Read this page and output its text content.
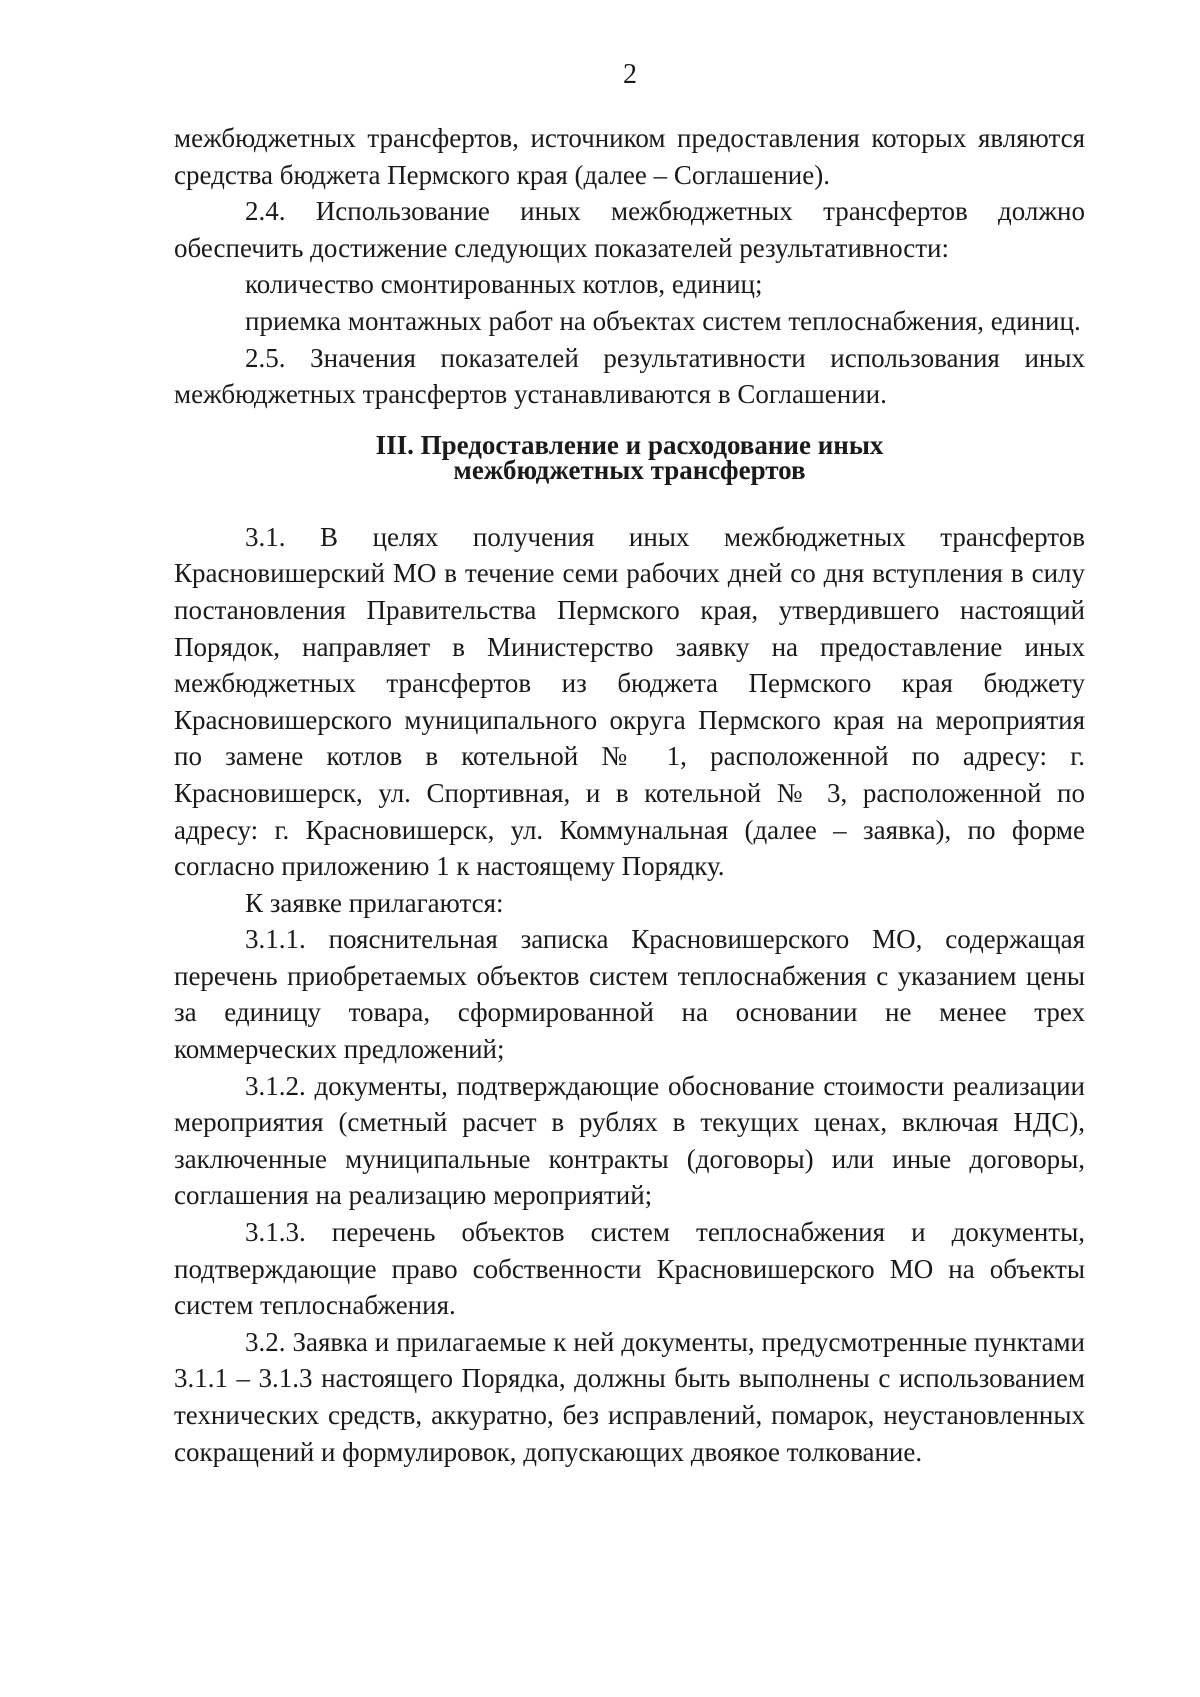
2

межбюджетных трансфертов, источником предоставления которых являются средства бюджета Пермского края (далее – Соглашение).

2.4. Использование иных межбюджетных трансфертов должно обеспечить достижение следующих показателей результативности:

количество смонтированных котлов, единиц;

приемка монтажных работ на объектах систем теплоснабжения, единиц.

2.5. Значения показателей результативности использования иных межбюджетных трансфертов устанавливаются в Соглашении.

III. Предоставление и расходование иных
межбюджетных трансфертов

3.1. В целях получения иных межбюджетных трансфертов Красновишерский МО в течение семи рабочих дней со дня вступления в силу постановления Правительства Пермского края, утвердившего настоящий Порядок, направляет в Министерство заявку на предоставление иных межбюджетных трансфертов из бюджета Пермского края бюджету Красновишерского муниципального округа Пермского края на мероприятия по замене котлов в котельной № 1, расположенной по адресу: г. Красновишерск, ул. Спортивная, и в котельной № 3, расположенной по адресу: г. Красновишерск, ул. Коммунальная (далее – заявка), по форме согласно приложению 1 к настоящему Порядку.

К заявке прилагаются:

3.1.1. пояснительная записка Красновишерского МО, содержащая перечень приобретаемых объектов систем теплоснабжения с указанием цены за единицу товара, сформированной на основании не менее трех коммерческих предложений;

3.1.2. документы, подтверждающие обоснование стоимости реализации мероприятия (сметный расчет в рублях в текущих ценах, включая НДС), заключенные муниципальные контракты (договоры) или иные договоры, соглашения на реализацию мероприятий;

3.1.3. перечень объектов систем теплоснабжения и документы, подтверждающие право собственности Красновишерского МО на объекты систем теплоснабжения.

3.2. Заявка и прилагаемые к ней документы, предусмотренные пунктами 3.1.1 – 3.1.3 настоящего Порядка, должны быть выполнены с использованием технических средств, аккуратно, без исправлений, помарок, неустановленных сокращений и формулировок, допускающих двоякое толкование.
